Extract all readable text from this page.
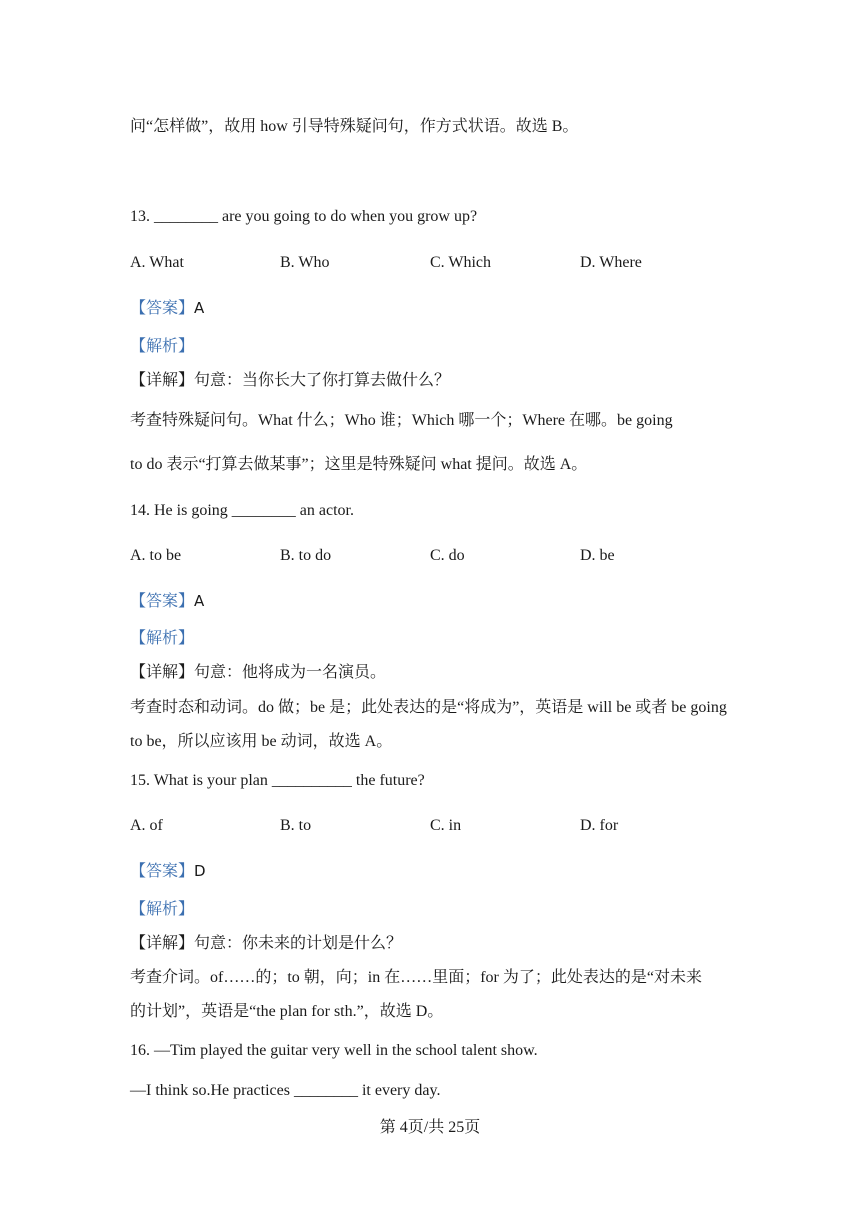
问“怎样做”，故用 how 引导特殊疑问句，作方式状语。故选 B。

13. ________ are you going to do when you grow up?

A. What	B. Who	C. Which	D. Where

【答案】A

【解析】

【详解】句意：当你长大了你打算去做什么？

考查特殊疑问句。What 什么；Who 谁；Which 哪一个；Where 在哪。be going

to do 表示“打算去做某事”；这里是特殊疑问 what 提问。故选 A。

14. He is going ________ an actor.

A. to be	B. to do	C. do	D. be

【答案】A

【解析】

【详解】句意：他将成为一名演员。

考查时态和动词。do 做；be 是；此处表达的是“将成为”，英语是 will be 或者 be going

to be，所以应该用 be 动词，故选 A。

15. What is your plan __________ the future?

A. of	B. to	C. in	D. for

【答案】D

【解析】

【详解】句意：你未来的计划是什么？

考查介词。of……的；to 朝，向；in 在……里面；for 为了；此处表达的是“对未来

的计划”，英语是“the plan for sth.”，故选 D。

16. —Tim played the guitar very well in the school talent show.

—I think so.He practices ________ it every day.

第 4页/共 25页
